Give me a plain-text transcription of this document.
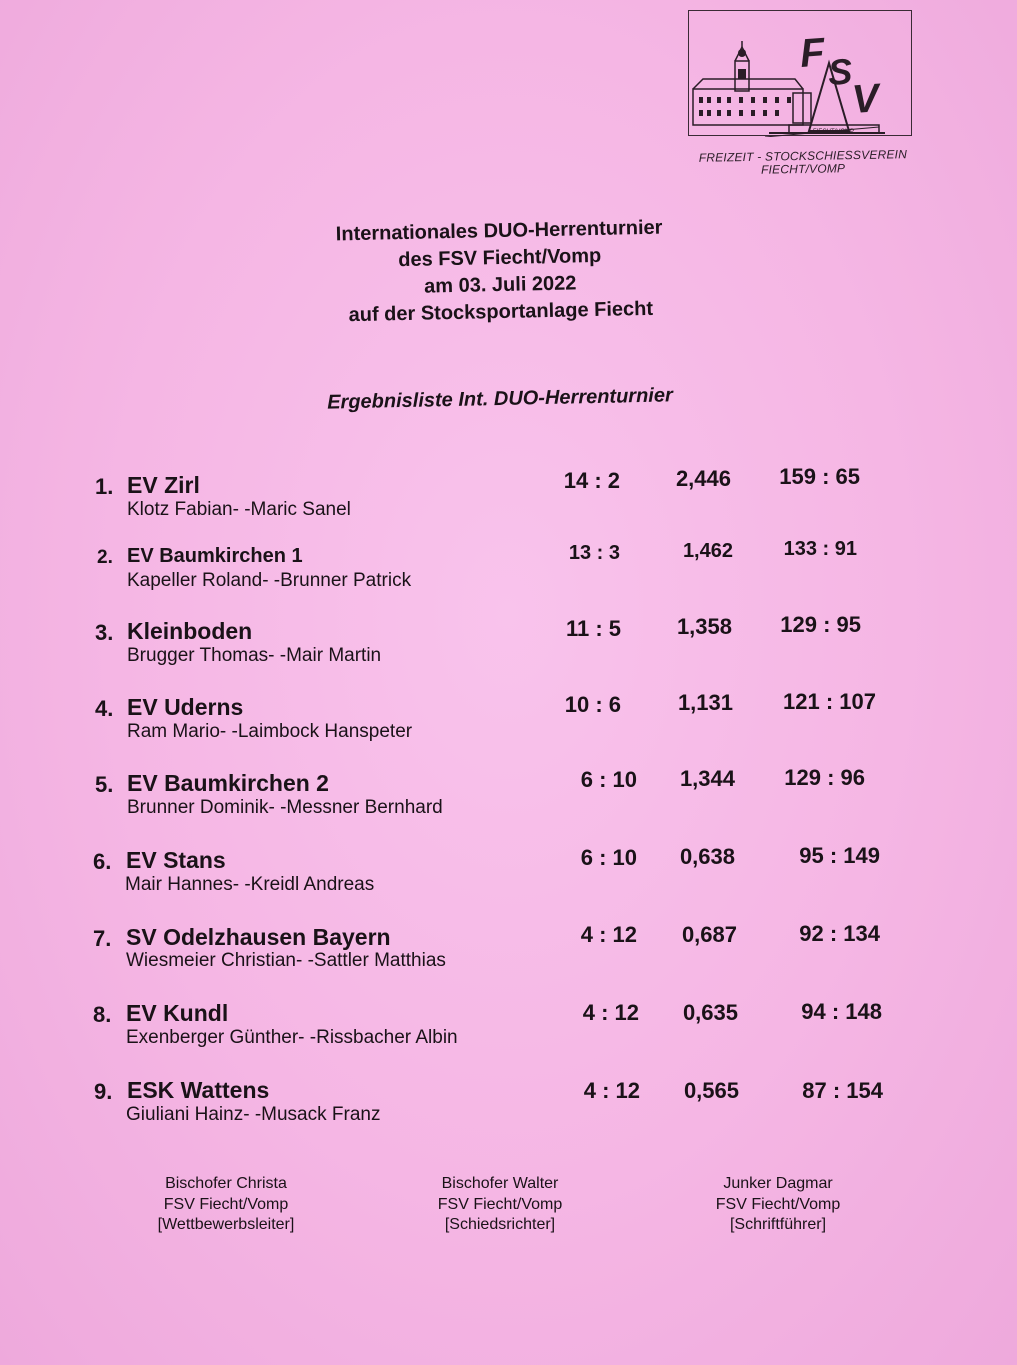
F S
V
FIECHT/VOMP
FREIZEIT - STOCKSCHIESSVEREIN
FIECHT/VOMP
Internationales DUO-Herrenturnier
des FSV Fiecht/Vomp
am 03. Juli 2022
auf der Stocksportanlage Fiecht
Ergebnisliste Int. DUO-Herrenturnier
1. EV Zirl
Klotz Fabian- -Maric Sanel
14 : 2	2,446	159 : 65
2. EV Baumkirchen 1
Kapeller Roland- -Brunner Patrick
13 : 3	1,462	133 : 91
3. Kleinboden
Brugger Thomas- -Mair Martin
11 : 5	1,358	129 : 95
4. EV Uderns
Ram Mario- -Laimbock Hanspeter
10 : 6	1,131	121 : 107
5. EV Baumkirchen 2
Brunner Dominik- -Messner Bernhard
6 : 10	1,344	129 : 96
6. EV Stans
Mair Hannes- -Kreidl Andreas
6 : 10	0,638	95 : 149
7. SV Odelzhausen Bayern
Wiesmeier Christian- -Sattler Matthias
4 : 12	0,687	92 : 134
8. EV Kundl
Exenberger Günther- -Rissbacher Albin
4 : 12	0,635	94 : 148
9. ESK Wattens
Giuliani Hainz- -Musack Franz
4 : 12	0,565	87 : 154
Bischofer Christa
FSV Fiecht/Vomp
[Wettbewerbsleiter]
Bischofer Walter
FSV Fiecht/Vomp
[Schiedsrichter]
Junker Dagmar
FSV Fiecht/Vomp
[Schriftführer]
